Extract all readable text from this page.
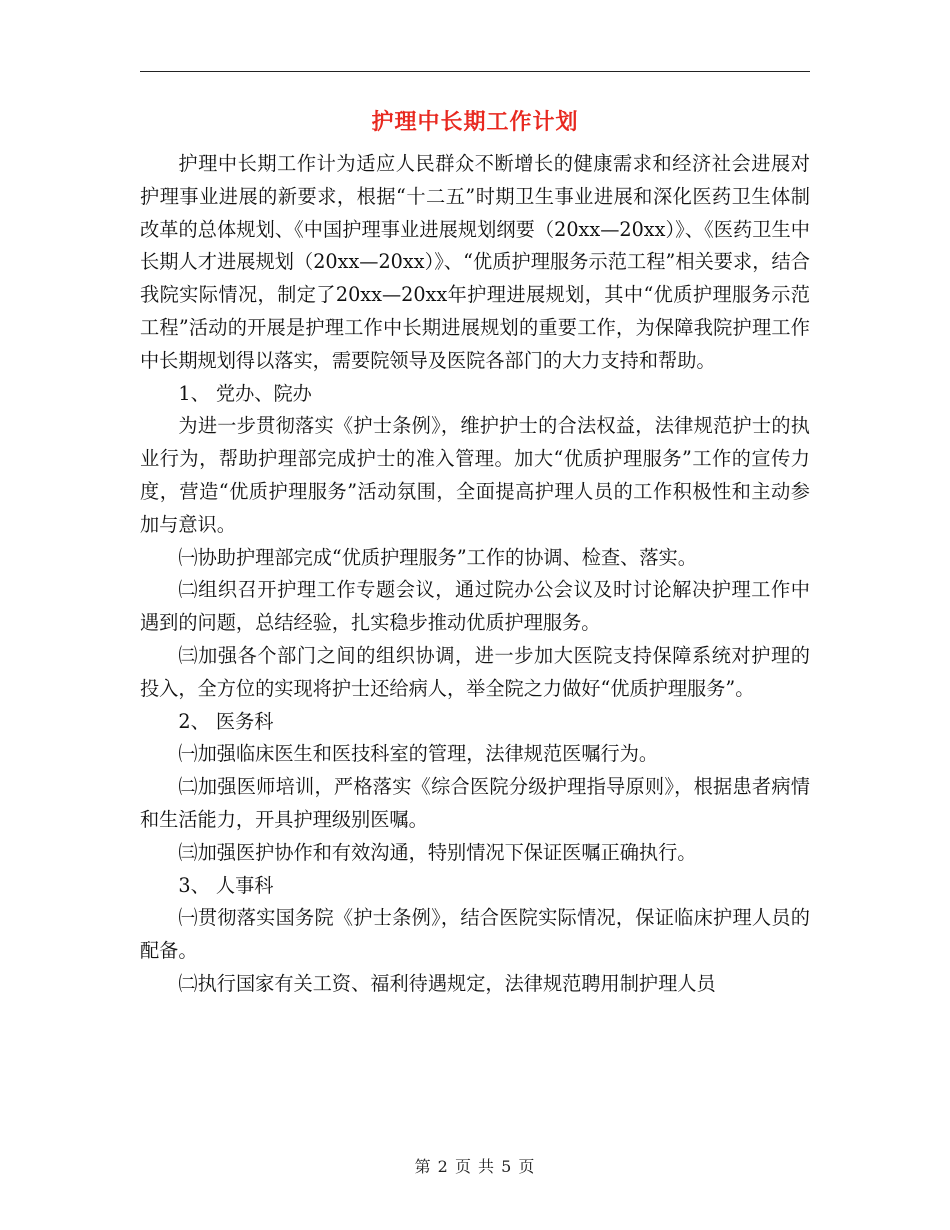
护理中长期工作计划

护理中长期工作计为适应人民群众不断增长的健康需求和经济社会进展对护理事业进展的新要求，根据“十二五”时期卫生事业进展和深化医药卫生体制改革的总体规划、《中国护理事业进展规划纲要（20xx—20xx）》、《医药卫生中长期人才进展规划（20xx—20xx）》、“优质护理服务示范工程”相关要求，结合我院实际情况，制定了20xx—20xx年护理进展规划，其中“优质护理服务示范工程”活动的开展是护理工作中长期进展规划的重要工作，为保障我院护理工作中长期规划得以落实，需要院领导及医院各部门的大力支持和帮助。

1、 党办、院办

为进一步贯彻落实《护士条例》，维护护士的合法权益，法律规范护士的执业行为，帮助护理部完成护士的准入管理。加大“优质护理服务”工作的宣传力度，营造“优质护理服务”活动氛围，全面提高护理人员的工作积极性和主动参加与意识。

㈠协助护理部完成“优质护理服务”工作的协调、检查、落实。

㈡组织召开护理工作专题会议，通过院办公会议及时讨论解决护理工作中遇到的问题，总结经验，扎实稳步推动优质护理服务。

㈢加强各个部门之间的组织协调，进一步加大医院支持保障系统对护理的投入，全方位的实现将护士还给病人，举全院之力做好“优质护理服务”。

2、 医务科

㈠加强临床医生和医技科室的管理，法律规范医嘱行为。

㈡加强医师培训，严格落实《综合医院分级护理指导原则》，根据患者病情和生活能力，开具护理级别医嘱。

㈢加强医护协作和有效沟通，特别情况下保证医嘱正确执行。

3、 人事科

㈠贯彻落实国务院《护士条例》，结合医院实际情况，保证临床护理人员的配备。

㈡执行国家有关工资、福利待遇规定，法律规范聘用制护理人员

第 2 页 共 5 页
